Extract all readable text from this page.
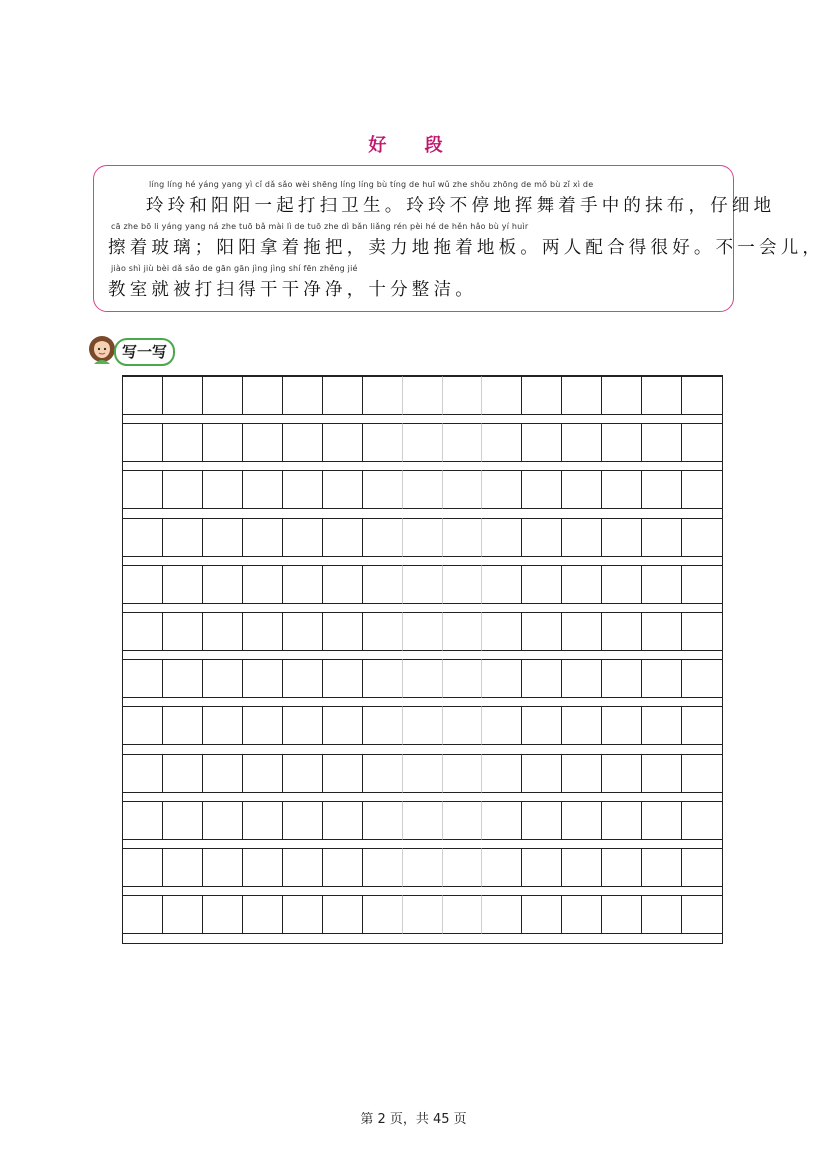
好 段
líng líng hé yáng yang yì cǐ dǎ sǎo wèi shēng líng líng bù tíng de huī wǔ zhe shǒu zhōng de mǒ bù zǐ xì de
玲玲和阳阳一起打扫卫生。玲玲不停地挥舞着手中的抹布，仔细地
cā zhe bō li yáng yang ná zhe tuō bǎ mài lì de tuō zhe dì bǎn liǎng rén pèi hé de hěn hǎo bù yí huìr
擦着玻璃；阳阳拿着拖把，卖力地拖着地板。两人配合得很好。不一会儿，
jiào shì jiù bèi dǎ sǎo de gān gān jìng jìng shí fēn zhěng jié
教室就被打扫得干干净净，十分整洁。
写一写
第 2 页，共 45 页
